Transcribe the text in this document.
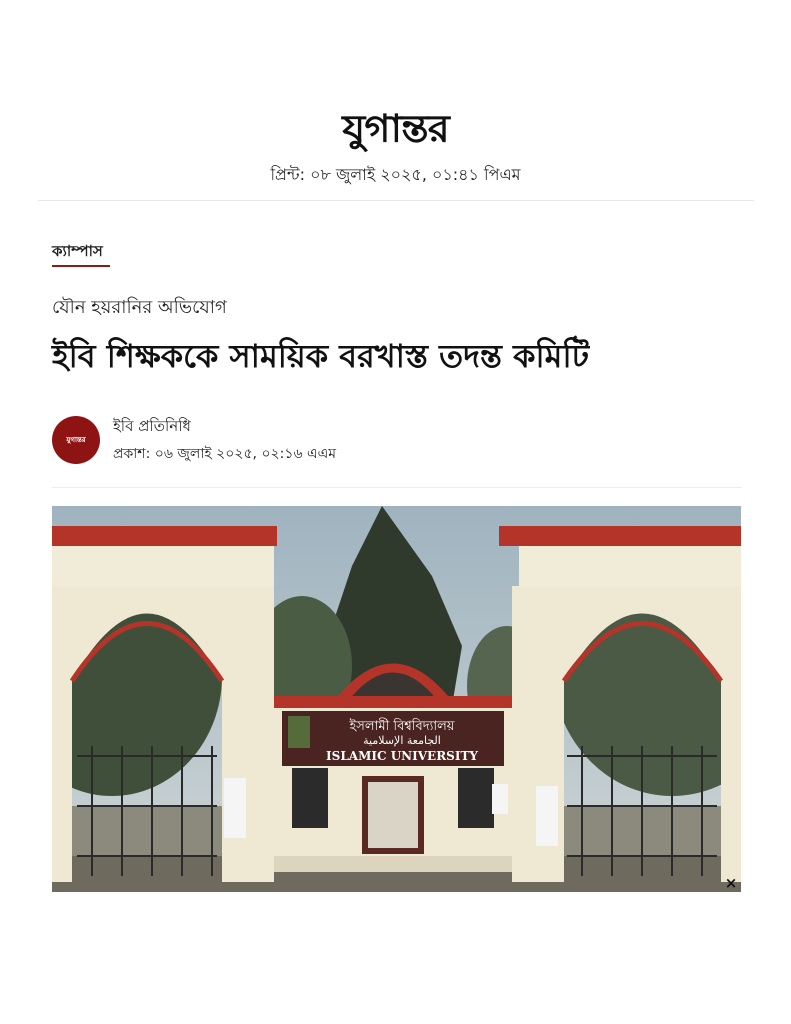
যুগান্তর
প্রিন্ট: ০৮ জুলাই ২০২৫, ০১:৪১ পিএম
ক্যাম্পাস
যৌন হয়রানির অভিযোগ
ইবি শিক্ষককে সাময়িক বরখাস্ত তদন্ত কমিটি
যুগান্তর
ইবি প্রতিনিধি
প্রকাশ: ০৬ জুলাই ২০২৫, ০২:১৬ এএম
ইসলামী বিশ্ববিদ্যালয়
الجامعة الإسلامية
ISLAMIC UNIVERSITY
×
